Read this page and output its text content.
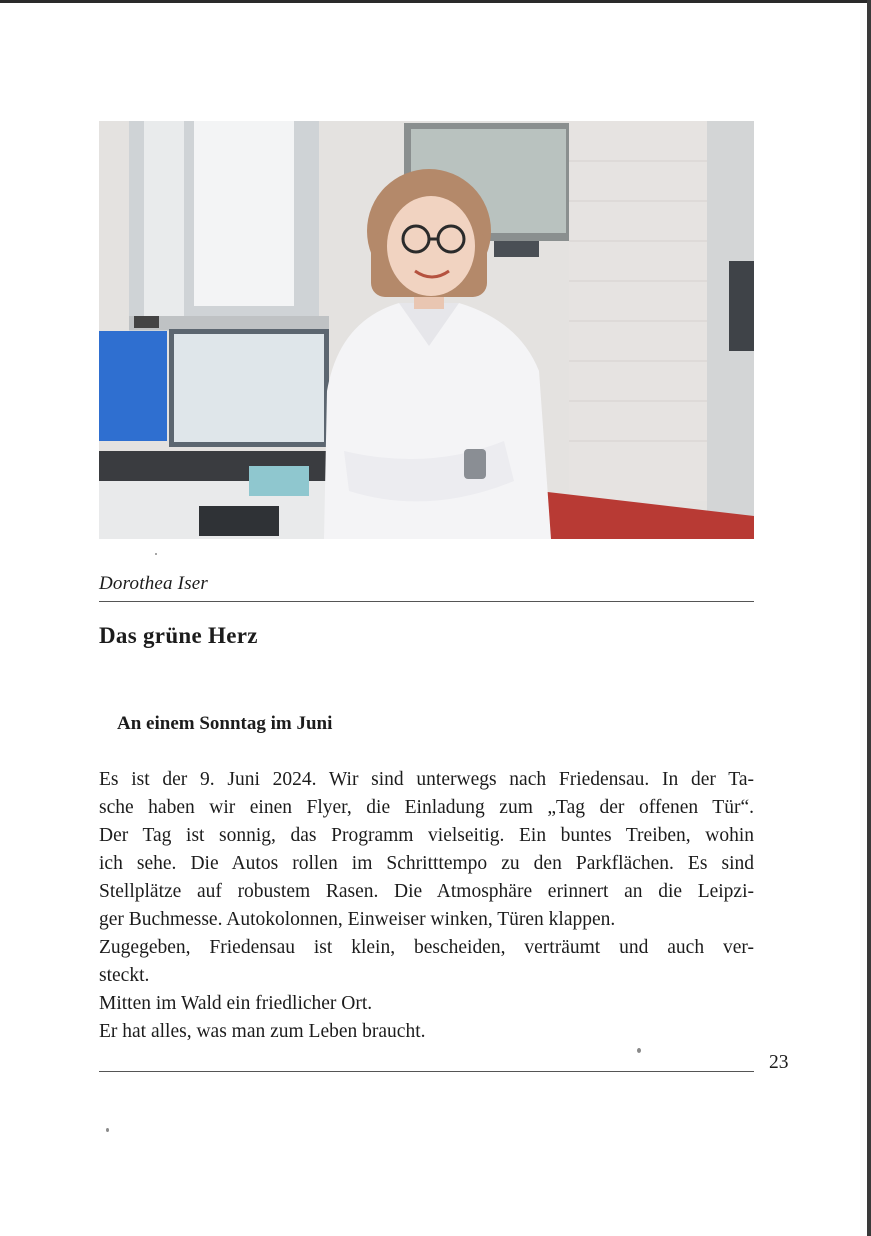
Dorothea Iser
Das grüne Herz
An einem Sonntag im Juni
Es ist der 9. Juni 2024. Wir sind unterwegs nach Friedensau. In der Ta-
sche haben wir einen Flyer, die Einladung zum „Tag der offenen Tür“.
Der Tag ist sonnig, das Programm vielseitig. Ein buntes Treiben, wohin
ich sehe. Die Autos rollen im Schritttempo zu den Parkflächen. Es sind
Stellplätze auf robustem Rasen. Die Atmosphäre erinnert an die Leipzi-
ger Buchmesse. Autokolonnen, Einweiser winken, Türen klappen.
Zugegeben, Friedensau ist klein, bescheiden, verträumt und auch ver-
steckt.
Mitten im Wald ein friedlicher Ort.
Er hat alles, was man zum Leben braucht.
23
